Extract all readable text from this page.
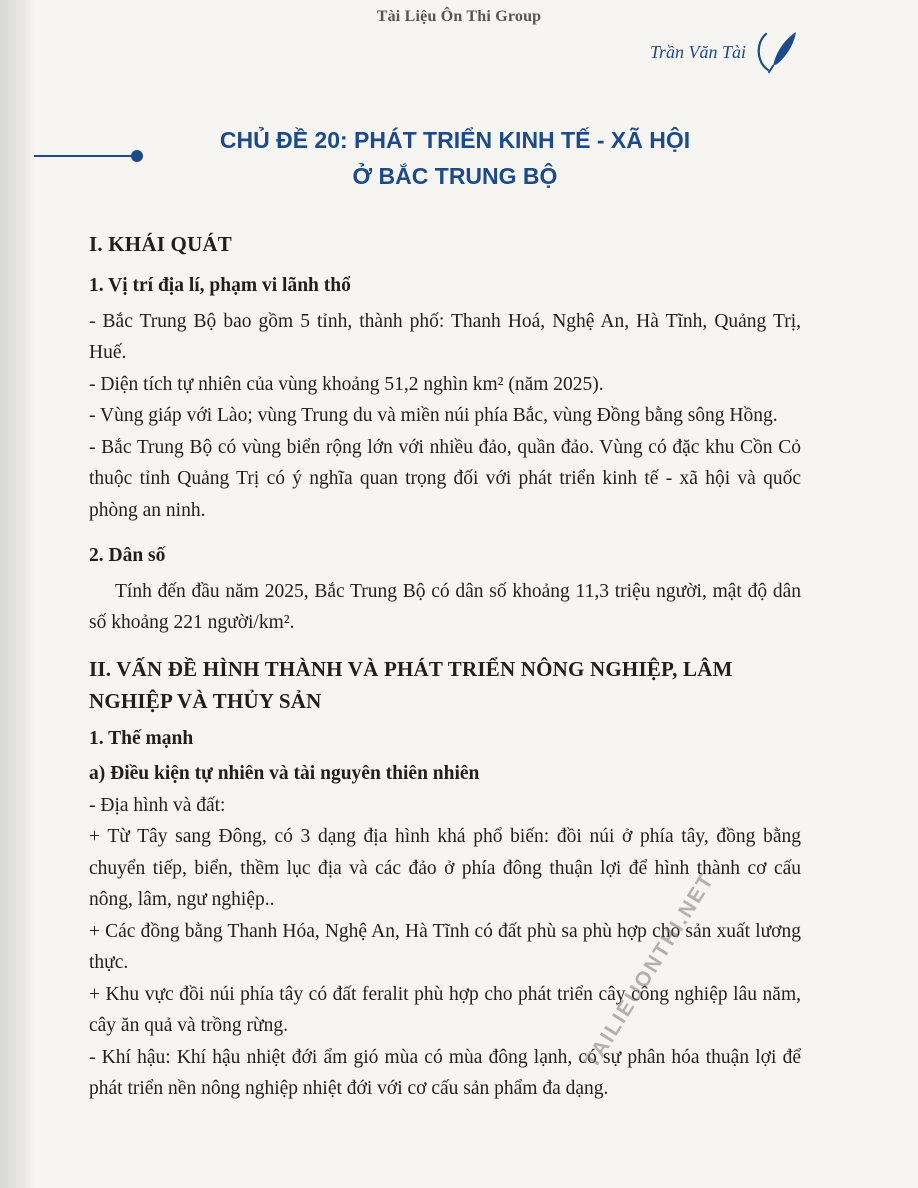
Tài Liệu Ôn Thi Group
Trần Văn Tài
CHỦ ĐỀ 20: PHÁT TRIỂN KINH TẾ - XÃ HỘI
Ở BẮC TRUNG BỘ

I. KHÁI QUÁT

1. Vị trí địa lí, phạm vi lãnh thổ

- Bắc Trung Bộ bao gồm 5 tỉnh, thành phố: Thanh Hoá, Nghệ An, Hà Tĩnh, Quảng Trị, Huế.

- Diện tích tự nhiên của vùng khoảng 51,2 nghìn km² (năm 2025).

- Vùng giáp với Lào; vùng Trung du và miền núi phía Bắc, vùng Đồng bằng sông Hồng.

- Bắc Trung Bộ có vùng biển rộng lớn với nhiều đảo, quần đảo. Vùng có đặc khu Cồn Cỏ thuộc tỉnh Quảng Trị có ý nghĩa quan trọng đối với phát triển kinh tế - xã hội và quốc phòng an ninh.

2. Dân số

Tính đến đầu năm 2025, Bắc Trung Bộ có dân số khoảng 11,3 triệu người, mật độ dân số khoảng 221 người/km².

II. VẤN ĐỀ HÌNH THÀNH VÀ PHÁT TRIỂN NÔNG NGHIỆP, LÂM NGHIỆP VÀ THỦY SẢN

1. Thế mạnh

a) Điều kiện tự nhiên và tài nguyên thiên nhiên

- Địa hình và đất:

+ Từ Tây sang Đông, có 3 dạng địa hình khá phổ biến: đồi núi ở phía tây, đồng bằng chuyển tiếp, biển, thềm lục địa và các đảo ở phía đông thuận lợi để hình thành cơ cấu nông, lâm, ngư nghiệp..

+ Các đồng bằng Thanh Hóa, Nghệ An, Hà Tĩnh có đất phù sa phù hợp cho sản xuất lương thực.

+ Khu vực đồi núi phía tây có đất feralit phù hợp cho phát triển cây công nghiệp lâu năm, cây ăn quả và trồng rừng.

- Khí hậu: Khí hậu nhiệt đới ẩm gió mùa có mùa đông lạnh, có sự phân hóa thuận lợi để phát triển nền nông nghiệp nhiệt đới với cơ cấu sản phẩm đa dạng.

TAILIEUONTHI.NET
